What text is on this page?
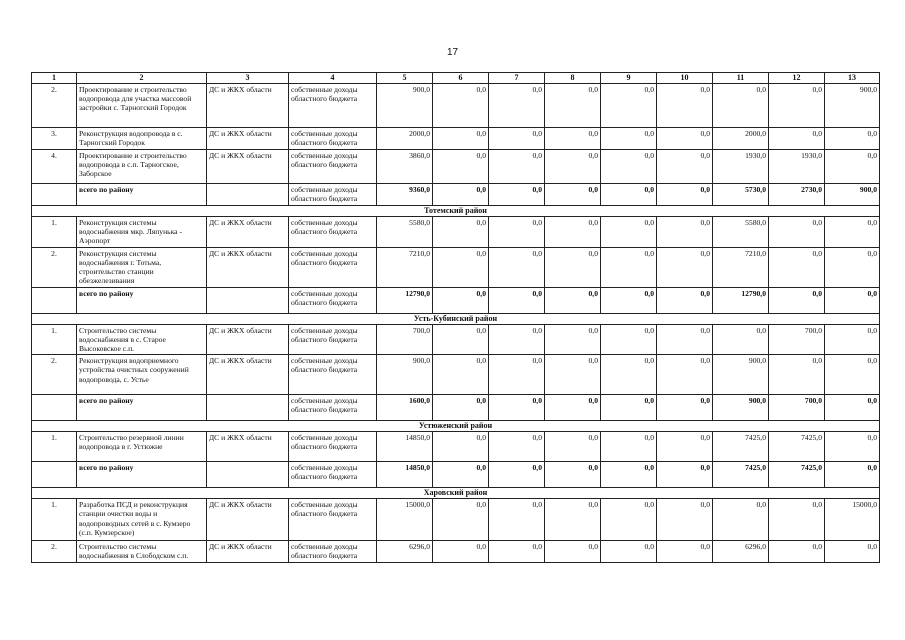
17
1	2	3	4	5	6	7	8	9	10	11	12	13
2.	Проектирование и строительство водопровода для участка массовой застройки с. Тарногский Городок	ДС и ЖКХ области	собственные доходы областного бюджета	900,0	0,0	0,0	0,0	0,0	0,0	0,0	0,0	900,0
3.	Реконструкция водопровода в с. Тарногский Городок	ДС и ЖКХ области	собственные доходы областного бюджета	2000,0	0,0	0,0	0,0	0,0	0,0	2000,0	0,0	0,0
4.	Проектирование и строительство водопровода в с.п. Тарногское, Заборское	ДС и ЖКХ области	собственные доходы областного бюджета	3860,0	0,0	0,0	0,0	0,0	0,0	1930,0	1930,0	0,0
	всего по району		собственные доходы областного бюджета	9360,0	0,0	0,0	0,0	0,0	0,0	5730,0	2730,0	900,0
Тотемский район												
1.	Реконструкция системы водоснабжения мкр. Ляпунька - Аэропорт	ДС и ЖКХ области	собственные доходы областного бюджета	5580,0	0,0	0,0	0,0	0,0	0,0	5580,0	0,0	0,0
2.	Реконструкция системы водоснабжения г. Тотьма, строительство станции обезжелезивания	ДС и ЖКХ области	собственные доходы областного бюджета	7210,0	0,0	0,0	0,0	0,0	0,0	7210,0	0,0	0,0
	всего по району		собственные доходы областного бюджета	12790,0	0,0	0,0	0,0	0,0	0,0	12790,0	0,0	0,0
Усть-Кубинский район												
1.	Строительство системы водоснабжения в с. Старое Высоковское с.п.	ДС и ЖКХ области	собственные доходы областного бюджета	700,0	0,0	0,0	0,0	0,0	0,0	0,0	700,0	0,0
2.	Реконструкция водоприемного устройства очистных сооружений водопровода, с. Устье	ДС и ЖКХ области	собственные доходы областного бюджета	900,0	0,0	0,0	0,0	0,0	0,0	900,0	0,0	0,0
	всего по району		собственные доходы областного бюджета	1600,0	0,0	0,0	0,0	0,0	0,0	900,0	700,0	0,0
Устюженский район												
1.	Строительство резервной линии водопровода в г. Устюжне	ДС и ЖКХ области	собственные доходы областного бюджета	14850,0	0,0	0,0	0,0	0,0	0,0	7425,0	7425,0	0,0
	всего по району		собственные доходы областного бюджета	14850,0	0,0	0,0	0,0	0,0	0,0	7425,0	7425,0	0,0
Харовский район												
1.	Разработка ПСД и реконструкция станции очистки воды и водопроводных сетей в с. Кумзеро (с.п. Кумзерское)	ДС и ЖКХ области	собственные доходы областного бюджета	15000,0	0,0	0,0	0,0	0,0	0,0	0,0	0,0	15000,0
2.	Строительство системы водоснабжения в Слободском с.п.	ДС и ЖКХ области	собственные доходы областного бюджета	6296,0	0,0	0,0	0,0	0,0	0,0	6296,0	0,0	0,0
